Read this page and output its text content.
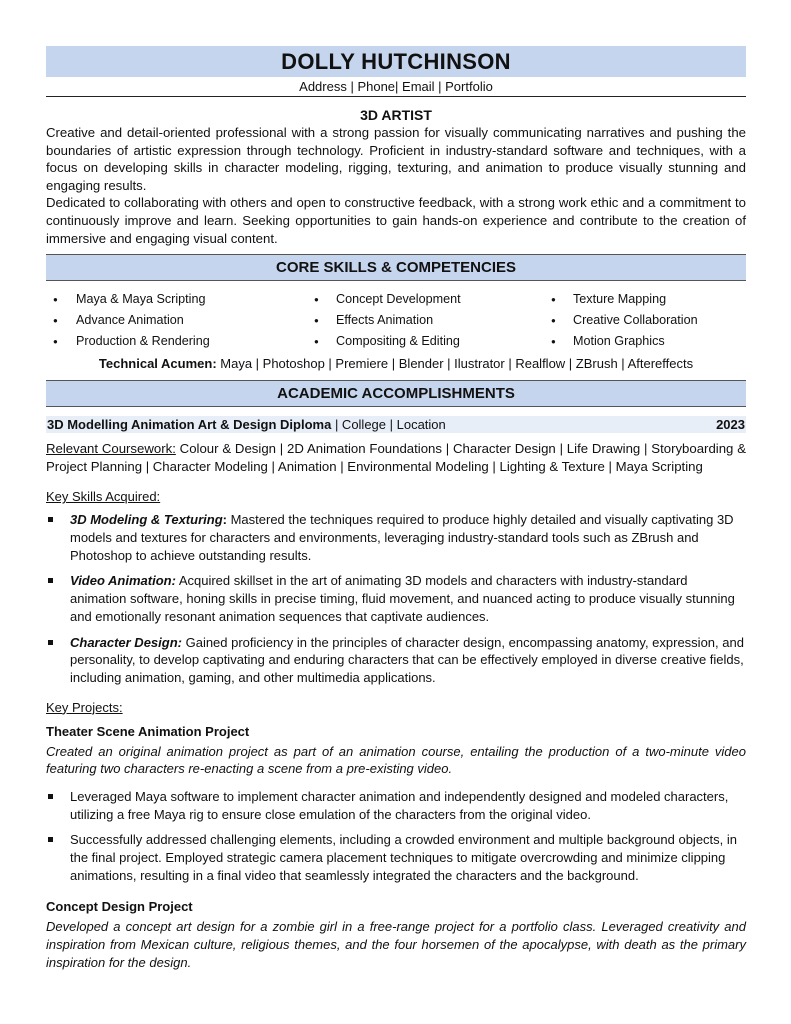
DOLLY HUTCHINSON
Address | Phone| Email | Portfolio
3D ARTIST

Creative and detail-oriented professional with a strong passion for visually communicating narratives and pushing the boundaries of artistic expression through technology. Proficient in industry-standard software and techniques, with a focus on developing skills in character modeling, rigging, texturing, and animation to produce visually stunning and engaging results.

Dedicated to collaborating with others and open to constructive feedback, with a strong work ethic and a commitment to continuously improve and learn. Seeking opportunities to gain hands-on experience and contribute to the creation of immersive and engaging visual content.

CORE SKILLS & COMPETENCIES
● Maya & Maya Scripting
● Advance Animation
● Production & Rendering
● Concept Development
● Effects Animation
● Compositing & Editing
● Texture Mapping
● Creative Collaboration
● Motion Graphics
Technical Acumen: Maya | Photoshop | Premiere | Blender | Ilustrator | Realflow | ZBrush | Aftereffects
ACADEMIC ACCOMPLISHMENTS
3D Modelling Animation Art & Design Diploma | College | Location	2023

Relevant Coursework: Colour & Design | 2D Animation Foundations | Character Design | Life Drawing | Storyboarding & Project Planning | Character Modeling | Animation | Environmental Modeling | Lighting & Texture | Maya Scripting

Key Skills Acquired:
3D Modeling & Texturing: Mastered the techniques required to produce highly detailed and visually captivating 3D models and textures for characters and environments, leveraging industry-standard tools such as ZBrush and Photoshop to achieve outstanding results.
Video Animation: Acquired skillset in the art of animating 3D models and characters with industry-standard animation software, honing skills in precise timing, fluid movement, and nuanced acting to produce visually stunning and emotionally resonant animation sequences that captivate audiences.
Character Design: Gained proficiency in the principles of character design, encompassing anatomy, expression, and personality, to develop captivating and enduring characters that can be effectively employed in diverse creative fields, including animation, gaming, and other multimedia applications.
Key Projects:
Theater Scene Animation Project

Created an original animation project as part of an animation course, entailing the production of a two-minute video featuring two characters re-enacting a scene from a pre-existing video.

Leveraged Maya software to implement character animation and independently designed and modeled characters, utilizing a free Maya rig to ensure close emulation of the characters from the original video.
Successfully addressed challenging elements, including a crowded environment and multiple background objects, in the final project. Employed strategic camera placement techniques to mitigate overcrowding and minimize clipping animations, resulting in a final video that seamlessly integrated the characters and the background.
Concept Design Project

Developed a concept art design for a zombie girl in a free-range project for a portfolio class. Leveraged creativity and inspiration from Mexican culture, religious themes, and the four horsemen of the apocalypse, with death as the primary inspiration for the design.
